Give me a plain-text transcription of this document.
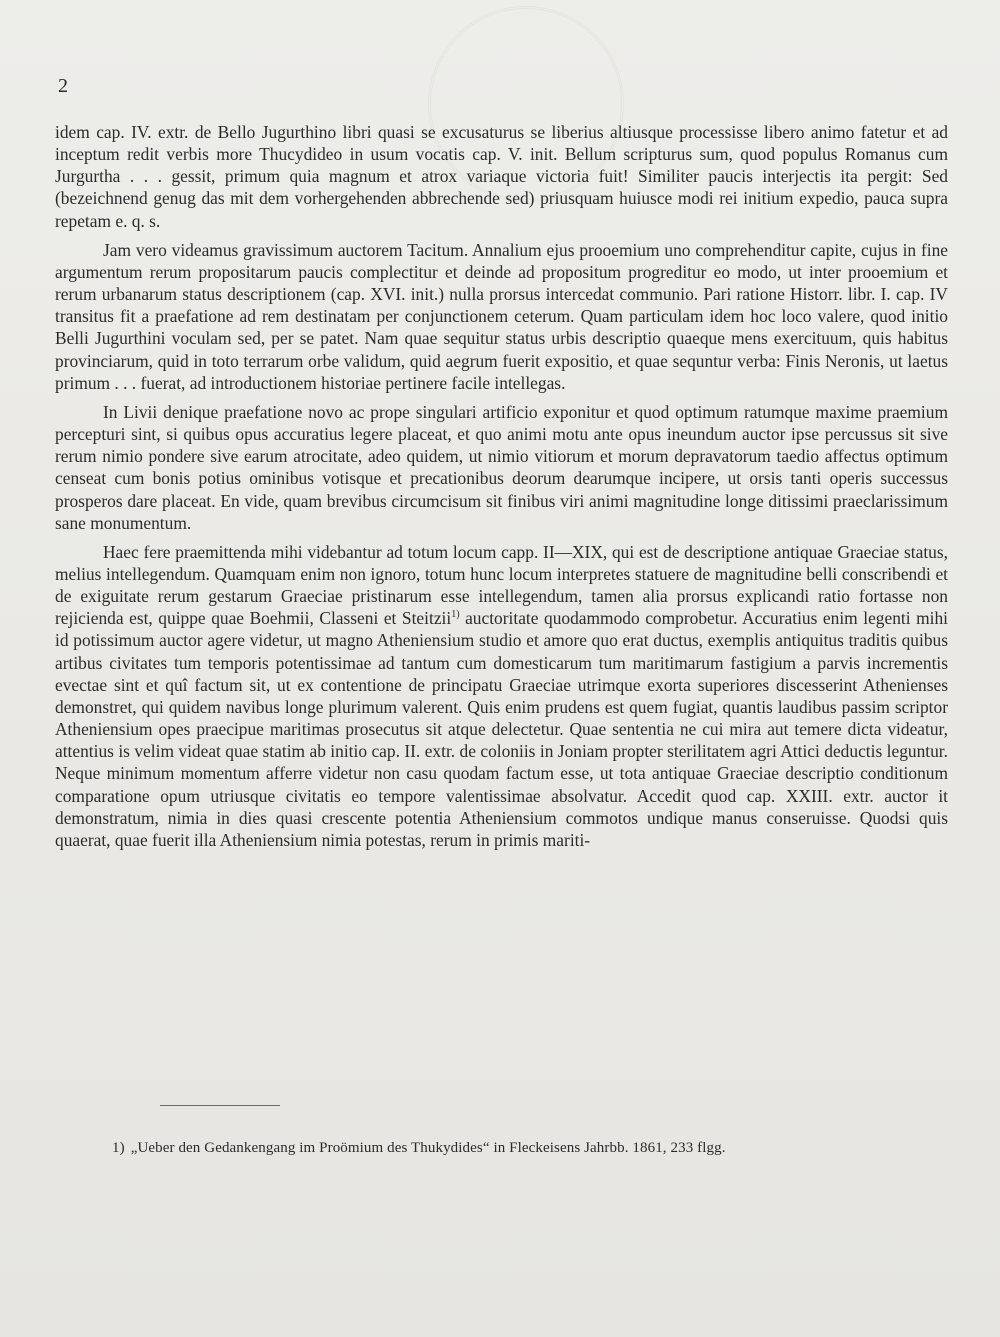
2

idem cap. IV. extr. de Bello Jugurthino libri quasi se excusaturus se liberius altiusque processisse libero animo fatetur et ad inceptum redit verbis more Thucydideo in usum vocatis cap. V. init. Bellum scripturus sum, quod populus Romanus cum Jurgurtha . . . gessit, primum quia magnum et atrox variaque victoria fuit! Similiter paucis interjectis ita pergit: Sed (bezeichnend genug das mit dem vorhergehenden abbrechende sed) priusquam huiusce modi rei initium expedio, pauca supra repetam e. q. s.

Jam vero videamus gravissimum auctorem Tacitum. Annalium ejus prooemium uno comprehenditur capite, cujus in fine argumentum rerum propositarum paucis complectitur et deinde ad propositum progreditur eo modo, ut inter prooemium et rerum urbanarum status descriptionem (cap. XVI. init.) nulla prorsus intercedat communio. Pari ratione Historr. libr. I. cap. IV transitus fit a praefatione ad rem destinatam per conjunctionem ceterum. Quam particulam idem hoc loco valere, quod initio Belli Jugurthini voculam sed, per se patet. Nam quae sequitur status urbis descriptio quaeque mens exercituum, quis habitus provinciarum, quid in toto terrarum orbe validum, quid aegrum fuerit expositio, et quae sequntur verba: Finis Neronis, ut laetus primum . . . fuerat, ad introductionem historiae pertinere facile intellegas.

In Livii denique praefatione novo ac prope singulari artificio exponitur et quod optimum ratumque maxime praemium percepturi sint, si quibus opus accuratius legere placeat, et quo animi motu ante opus ineundum auctor ipse percussus sit sive rerum nimio pondere sive earum atrocitate, adeo quidem, ut nimio vitiorum et morum depravatorum taedio affectus optimum censeat cum bonis potius ominibus votisque et precationibus deorum dearumque incipere, ut orsis tanti operis successus prosperos dare placeat. En vide, quam brevibus circumcisum sit finibus viri animi magnitudine longe ditissimi praeclarissimum sane monumentum.

Haec fere praemittenda mihi videbantur ad totum locum capp. II—XIX, qui est de descriptione antiquae Graeciae status, melius intellegendum. Quamquam enim non ignoro, totum hunc locum interpretes statuere de magnitudine belli conscribendi et de exiguitate rerum gestarum Graeciae pristinarum esse intellegendum, tamen alia prorsus explicandi ratio fortasse non rejicienda est, quippe quae Boehmii, Classeni et Steitzii$^{1)}$ auctoritate quodammodo comprobetur. Accuratius enim legenti mihi id potissimum auctor agere videtur, ut magno Atheniensium studio et amore quo erat ductus, exemplis antiquitus traditis quibus artibus civitates tum temporis potentissimae ad tantum cum domesticarum tum maritimarum fastigium a parvis incrementis evectae sint et quî factum sit, ut ex contentione de principatu Graeciae utrimque exorta superiores discesserint Athenienses demonstret, qui quidem navibus longe plurimum valerent. Quis enim prudens est quem fugiat, quantis laudibus passim scriptor Atheniensium opes praecipue maritimas prosecutus sit atque delectetur. Quae sententia ne cui mira aut temere dicta videatur, attentius is velim videat quae statim ab initio cap. II. extr. de coloniis in Joniam propter sterilitatem agri Attici deductis leguntur. Neque minimum momentum afferre videtur non casu quodam factum esse, ut tota antiquae Graeciae descriptio conditionum comparatione opum utriusque civitatis eo tempore valentissimae absolvatur. Accedit quod cap. XXIII. extr. auctor it demonstratum, nimia in dies quasi crescente potentia Atheniensium commotos undique manus conseruisse. Quodsi quis quaerat, quae fuerit illa Atheniensium nimia potestas, rerum in primis mariti-

1) „Ueber den Gedankengang im Proömium des Thukydides“ in Fleckeisens Jahrbb. 1861, 233 flgg.
